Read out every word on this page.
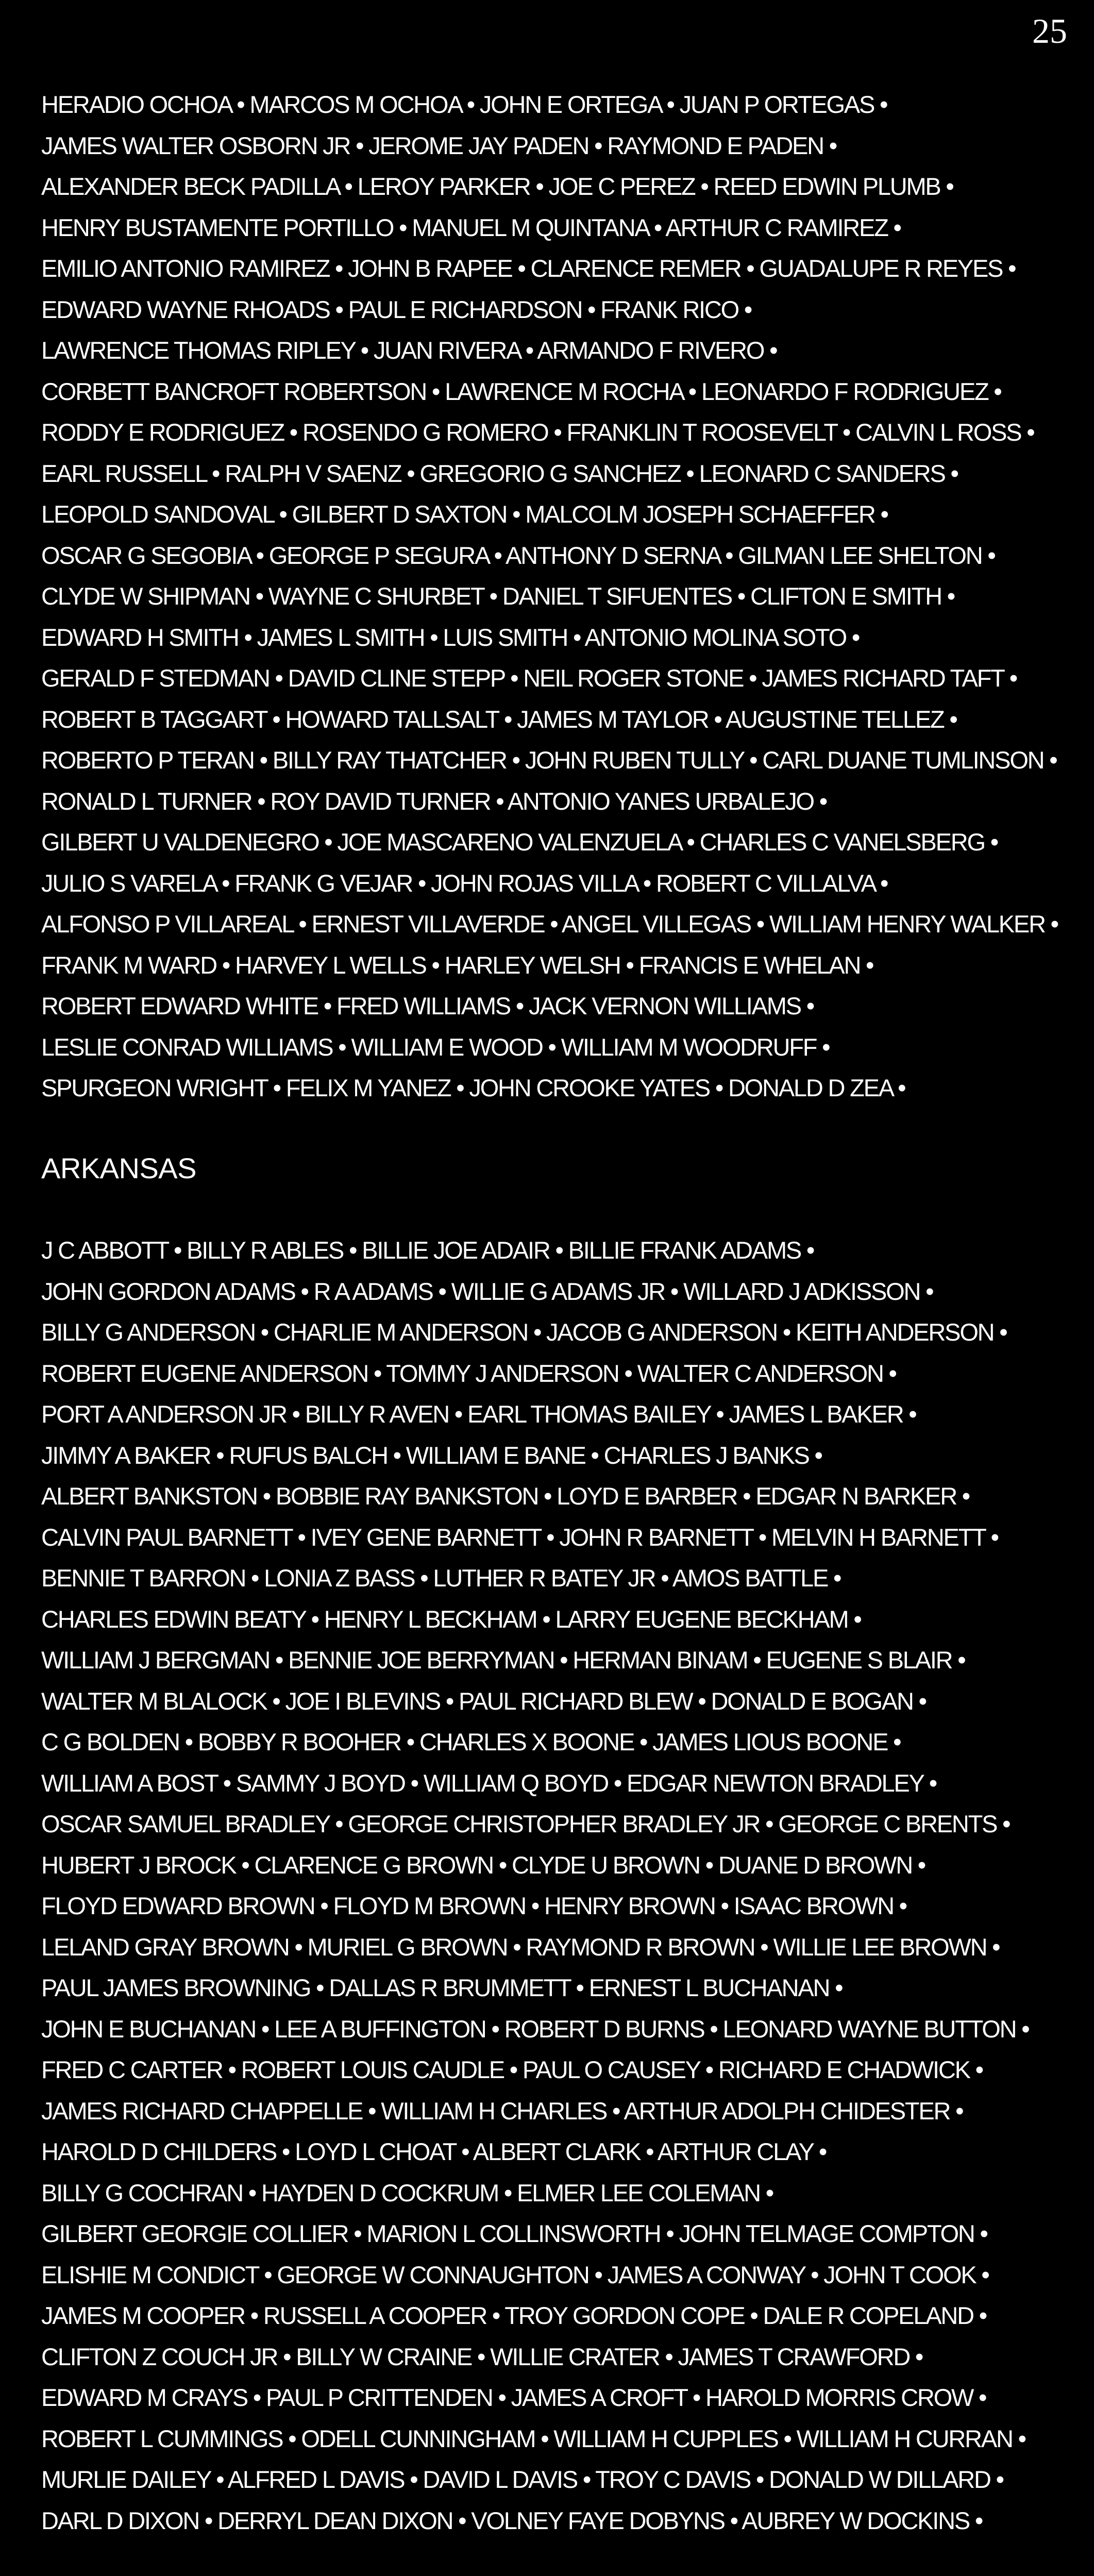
25

HERADIO OCHOA • MARCOS M OCHOA • JOHN E ORTEGA • JUAN P ORTEGAS •

JAMES WALTER OSBORN JR • JEROME JAY PADEN • RAYMOND E PADEN •

ALEXANDER BECK PADILLA • LEROY PARKER • JOE C PEREZ • REED EDWIN PLUMB •

HENRY BUSTAMENTE PORTILLO • MANUEL M QUINTANA • ARTHUR C RAMIREZ •

EMILIO ANTONIO RAMIREZ • JOHN B RAPEE • CLARENCE REMER • GUADALUPE R REYES •

EDWARD WAYNE RHOADS • PAUL E RICHARDSON • FRANK RICO •

LAWRENCE THOMAS RIPLEY • JUAN RIVERA • ARMANDO F RIVERO •

CORBETT BANCROFT ROBERTSON • LAWRENCE M ROCHA • LEONARDO F RODRIGUEZ •

RODDY E RODRIGUEZ • ROSENDO G ROMERO • FRANKLIN T ROOSEVELT • CALVIN L ROSS •

EARL RUSSELL • RALPH V SAENZ • GREGORIO G SANCHEZ • LEONARD C SANDERS •

LEOPOLD SANDOVAL • GILBERT D SAXTON • MALCOLM JOSEPH SCHAEFFER •

OSCAR G SEGOBIA • GEORGE P SEGURA • ANTHONY D SERNA • GILMAN LEE SHELTON •

CLYDE W SHIPMAN • WAYNE C SHURBET • DANIEL T SIFUENTES • CLIFTON E SMITH •

EDWARD H SMITH • JAMES L SMITH • LUIS SMITH • ANTONIO MOLINA SOTO •

GERALD F STEDMAN • DAVID CLINE STEPP • NEIL ROGER STONE • JAMES RICHARD TAFT •

ROBERT B TAGGART • HOWARD TALLSALT • JAMES M TAYLOR • AUGUSTINE TELLEZ •

ROBERTO P TERAN • BILLY RAY THATCHER • JOHN RUBEN TULLY • CARL DUANE TUMLINSON •

RONALD L TURNER • ROY DAVID TURNER • ANTONIO YANES URBALEJO •

GILBERT U VALDENEGRO • JOE MASCARENO VALENZUELA • CHARLES C VANELSBERG •

JULIO S VARELA • FRANK G VEJAR • JOHN ROJAS VILLA • ROBERT C VILLALVA •

ALFONSO P VILLAREAL • ERNEST VILLAVERDE • ANGEL VILLEGAS • WILLIAM HENRY WALKER •

FRANK M WARD • HARVEY L WELLS • HARLEY WELSH • FRANCIS E WHELAN •

ROBERT EDWARD WHITE • FRED WILLIAMS • JACK VERNON WILLIAMS •

LESLIE CONRAD WILLIAMS • WILLIAM E WOOD • WILLIAM M WOODRUFF •

SPURGEON WRIGHT • FELIX M YANEZ • JOHN CROOKE YATES • DONALD D ZEA •

ARKANSAS

J C ABBOTT • BILLY R ABLES • BILLIE JOE ADAIR • BILLIE FRANK ADAMS •

JOHN GORDON ADAMS • R A ADAMS • WILLIE G ADAMS JR • WILLARD J ADKISSON •

BILLY G ANDERSON • CHARLIE M ANDERSON • JACOB G ANDERSON • KEITH ANDERSON •

ROBERT EUGENE ANDERSON • TOMMY J ANDERSON • WALTER C ANDERSON •

PORT A ANDERSON JR • BILLY R AVEN • EARL THOMAS BAILEY • JAMES L BAKER •

JIMMY A BAKER • RUFUS BALCH • WILLIAM E BANE • CHARLES J BANKS •

ALBERT BANKSTON • BOBBIE RAY BANKSTON • LOYD E BARBER • EDGAR N BARKER •

CALVIN PAUL BARNETT • IVEY GENE BARNETT • JOHN R BARNETT • MELVIN H BARNETT •

BENNIE T BARRON • LONIA Z BASS • LUTHER R BATEY JR • AMOS BATTLE •

CHARLES EDWIN BEATY • HENRY L BECKHAM • LARRY EUGENE BECKHAM •

WILLIAM J BERGMAN • BENNIE JOE BERRYMAN • HERMAN BINAM • EUGENE S BLAIR •

WALTER M BLALOCK • JOE I BLEVINS • PAUL RICHARD BLEW • DONALD E BOGAN •

C G BOLDEN • BOBBY R BOOHER • CHARLES X BOONE • JAMES LIOUS BOONE •

WILLIAM A BOST • SAMMY J BOYD • WILLIAM Q BOYD • EDGAR NEWTON BRADLEY •

OSCAR SAMUEL BRADLEY • GEORGE CHRISTOPHER BRADLEY JR • GEORGE C BRENTS •

HUBERT J BROCK • CLARENCE G BROWN • CLYDE U BROWN • DUANE D BROWN •

FLOYD EDWARD BROWN • FLOYD M BROWN • HENRY BROWN • ISAAC BROWN •

LELAND GRAY BROWN • MURIEL G BROWN • RAYMOND R BROWN • WILLIE LEE BROWN •

PAUL JAMES BROWNING • DALLAS R BRUMMETT • ERNEST L BUCHANAN •

JOHN E BUCHANAN • LEE A BUFFINGTON • ROBERT D BURNS • LEONARD WAYNE BUTTON •

FRED C CARTER • ROBERT LOUIS CAUDLE • PAUL O CAUSEY • RICHARD E CHADWICK •

JAMES RICHARD CHAPPELLE • WILLIAM H CHARLES • ARTHUR ADOLPH CHIDESTER •

HAROLD D CHILDERS • LOYD L CHOAT • ALBERT CLARK • ARTHUR CLAY •

BILLY G COCHRAN • HAYDEN D COCKRUM • ELMER LEE COLEMAN •

GILBERT GEORGIE COLLIER • MARION L COLLINSWORTH • JOHN TELMAGE COMPTON •

ELISHIE M CONDICT • GEORGE W CONNAUGHTON • JAMES A CONWAY • JOHN T COOK •

JAMES M COOPER • RUSSELL A COOPER • TROY GORDON COPE • DALE R COPELAND •

CLIFTON Z COUCH JR • BILLY W CRAINE • WILLIE CRATER • JAMES T CRAWFORD •

EDWARD M CRAYS • PAUL P CRITTENDEN • JAMES A CROFT • HAROLD MORRIS CROW •

ROBERT L CUMMINGS • ODELL CUNNINGHAM • WILLIAM H CUPPLES • WILLIAM H CURRAN •

MURLIE DAILEY • ALFRED L DAVIS • DAVID L DAVIS • TROY C DAVIS • DONALD W DILLARD •

DARL D DIXON • DERRYL DEAN DIXON • VOLNEY FAYE DOBYNS • AUBREY W DOCKINS •
